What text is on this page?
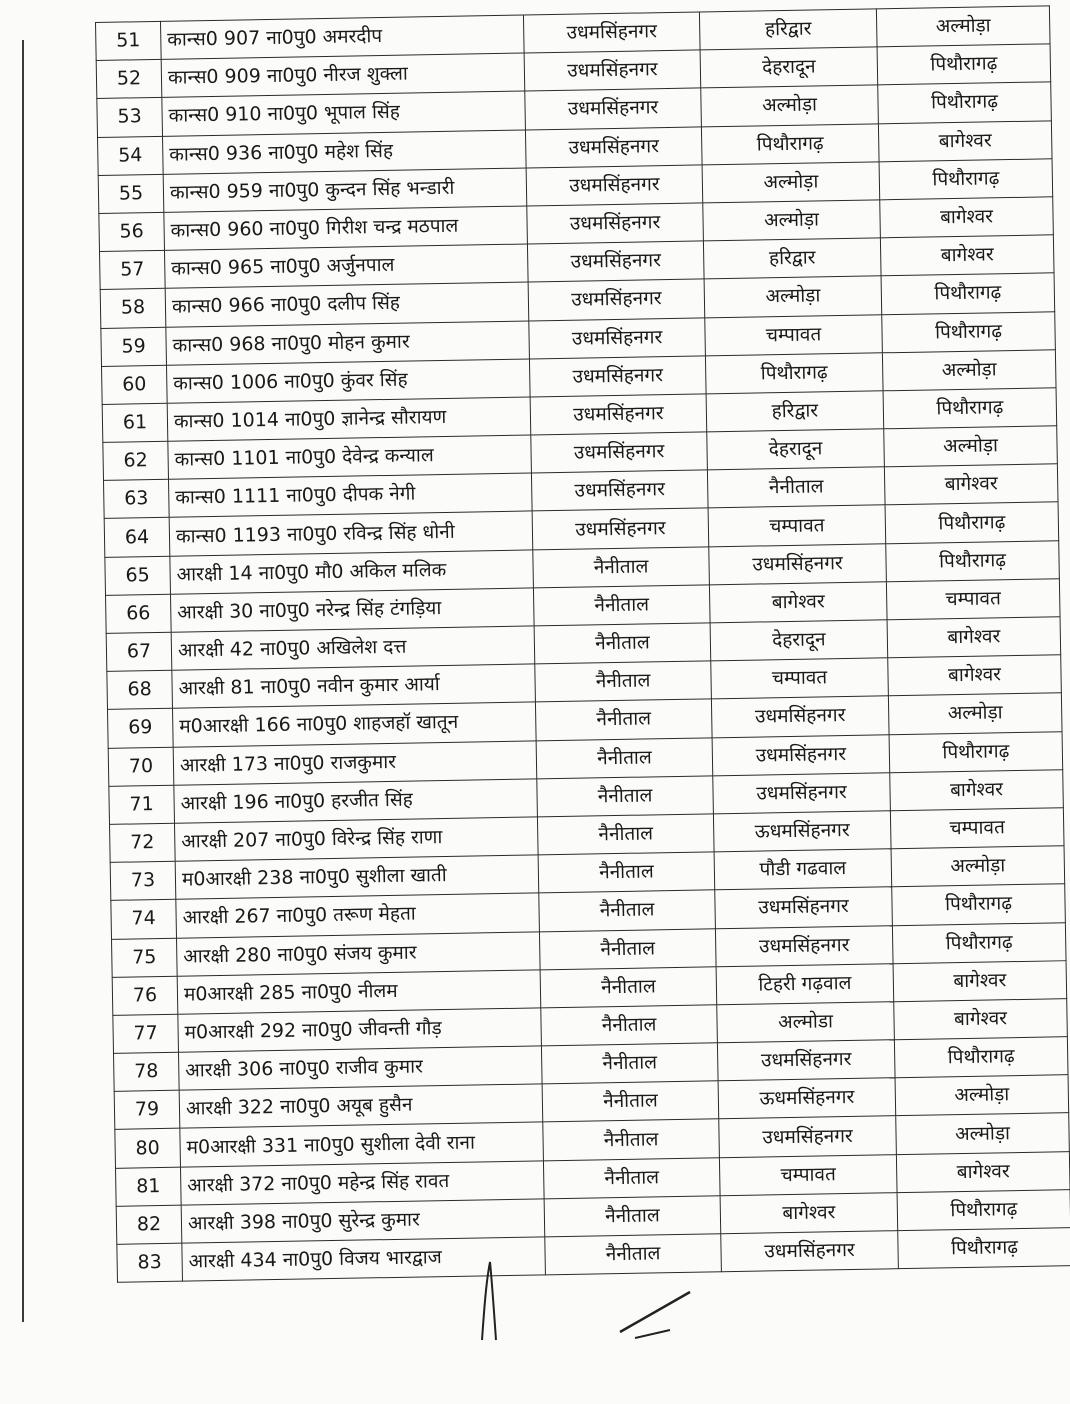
51	कान्स0 907 ना0पु0 अमरदीप	उधमसिंहनगर	हरिद्वार	अल्मोड़ा
52	कान्स0 909 ना0पु0 नीरज शुक्ला	उधमसिंहनगर	देहरादून	पिथौरागढ़
53	कान्स0 910 ना0पु0 भूपाल सिंह	उधमसिंहनगर	अल्मोड़ा	पिथौरागढ़
54	कान्स0 936 ना0पु0 महेश सिंह	उधमसिंहनगर	पिथौरागढ़	बागेश्वर
55	कान्स0 959 ना0पु0 कुन्दन सिंह भन्डारी	उधमसिंहनगर	अल्मोड़ा	पिथौरागढ़
56	कान्स0 960 ना0पु0 गिरीश चन्द्र मठपाल	उधमसिंहनगर	अल्मोड़ा	बागेश्वर
57	कान्स0 965 ना0पु0 अर्जुनपाल	उधमसिंहनगर	हरिद्वार	बागेश्वर
58	कान्स0 966 ना0पु0 दलीप सिंह	उधमसिंहनगर	अल्मोड़ा	पिथौरागढ़
59	कान्स0 968 ना0पु0 मोहन कुमार	उधमसिंहनगर	चम्पावत	पिथौरागढ़
60	कान्स0 1006 ना0पु0 कुंवर सिंह	उधमसिंहनगर	पिथौरागढ़	अल्मोड़ा
61	कान्स0 1014 ना0पु0 ज्ञानेन्द्र सौरायण	उधमसिंहनगर	हरिद्वार	पिथौरागढ़
62	कान्स0 1101 ना0पु0 देवेन्द्र कन्याल	उधमसिंहनगर	देहरादून	अल्मोड़ा
63	कान्स0 1111 ना0पु0 दीपक नेगी	उधमसिंहनगर	नैनीताल	बागेश्वर
64	कान्स0 1193 ना0पु0 रविन्द्र सिंह धोनी	उधमसिंहनगर	चम्पावत	पिथौरागढ़
65	आरक्षी 14 ना0पु0 मौ0 अकिल मलिक	नैनीताल	उधमसिंहनगर	पिथौरागढ़
66	आरक्षी 30 ना0पु0 नरेन्द्र सिंह टंगड़िया	नैनीताल	बागेश्वर	चम्पावत
67	आरक्षी 42 ना0पु0 अखिलेश दत्त	नैनीताल	देहरादून	बागेश्वर
68	आरक्षी 81 ना0पु0 नवीन कुमार आर्या	नैनीताल	चम्पावत	बागेश्वर
69	म0आरक्षी 166 ना0पु0 शाहजहॉ खातून	नैनीताल	उधमसिंहनगर	अल्मोड़ा
70	आरक्षी 173 ना0पु0 राजकुमार	नैनीताल	उधमसिंहनगर	पिथौरागढ़
71	आरक्षी 196 ना0पु0 हरजीत सिंह	नैनीताल	उधमसिंहनगर	बागेश्वर
72	आरक्षी 207 ना0पु0 विरेन्द्र सिंह राणा	नैनीताल	ऊधमसिंहनगर	चम्पावत
73	म0आरक्षी 238 ना0पु0 सुशीला खाती	नैनीताल	पौडी गढवाल	अल्मोड़ा
74	आरक्षी 267 ना0पु0 तरूण मेहता	नैनीताल	उधमसिंहनगर	पिथौरागढ़
75	आरक्षी 280 ना0पु0 संजय कुमार	नैनीताल	उधमसिंहनगर	पिथौरागढ़
76	म0आरक्षी 285 ना0पु0 नीलम	नैनीताल	टिहरी गढ़वाल	बागेश्वर
77	म0आरक्षी 292 ना0पु0 जीवन्ती गौड़	नैनीताल	अल्मोडा	बागेश्वर
78	आरक्षी 306 ना0पु0 राजीव कुमार	नैनीताल	उधमसिंहनगर	पिथौरागढ़
79	आरक्षी 322 ना0पु0 अयूब हुसैन	नैनीताल	ऊधमसिंहनगर	अल्मोड़ा
80	म0आरक्षी 331 ना0पु0 सुशीला देवी राना	नैनीताल	उधमसिंहनगर	अल्मोड़ा
81	आरक्षी 372 ना0पु0 महेन्द्र सिंह रावत	नैनीताल	चम्पावत	बागेश्वर
82	आरक्षी 398 ना0पु0 सुरेन्द्र कुमार	नैनीताल	बागेश्वर	पिथौरागढ़
83	आरक्षी 434 ना0पु0 विजय भारद्वाज	नैनीताल	उधमसिंहनगर	पिथौरागढ़
